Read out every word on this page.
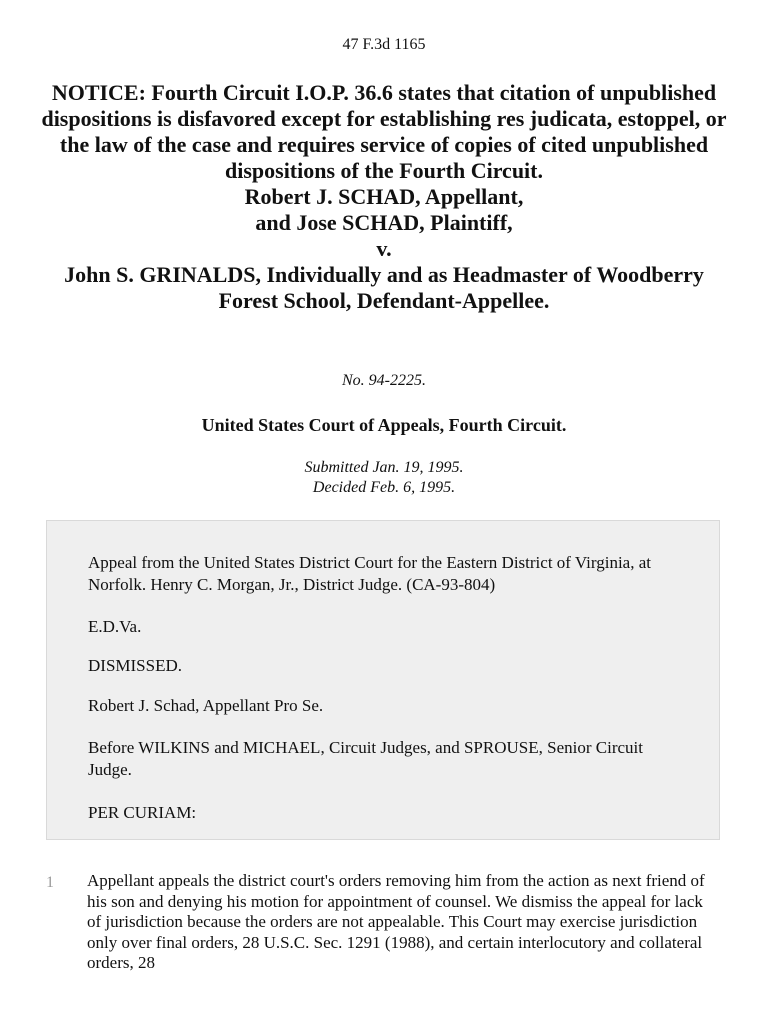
47 F.3d 1165
NOTICE: Fourth Circuit I.O.P. 36.6 states that citation of unpublished dispositions is disfavored except for establishing res judicata, estoppel, or the law of the case and requires service of copies of cited unpublished dispositions of the Fourth Circuit.
Robert J. SCHAD, Appellant,
and Jose SCHAD, Plaintiff,
v.
John S. GRINALDS, Individually and as Headmaster of Woodberry Forest School, Defendant-Appellee.
No. 94-2225.
United States Court of Appeals, Fourth Circuit.
Submitted Jan. 19, 1995.
Decided Feb. 6, 1995.

Appeal from the United States District Court for the Eastern District of Virginia, at Norfolk. Henry C. Morgan, Jr., District Judge. (CA-93-804)

E.D.Va.

DISMISSED.

Robert J. Schad, Appellant Pro Se.

Before WILKINS and MICHAEL, Circuit Judges, and SPROUSE, Senior Circuit Judge.

PER CURIAM:

1 Appellant appeals the district court's orders removing him from the action as next friend of his son and denying his motion for appointment of counsel. We dismiss the appeal for lack of jurisdiction because the orders are not appealable. This Court may exercise jurisdiction only over final orders, 28 U.S.C. Sec. 1291 (1988), and certain interlocutory and collateral orders, 28
